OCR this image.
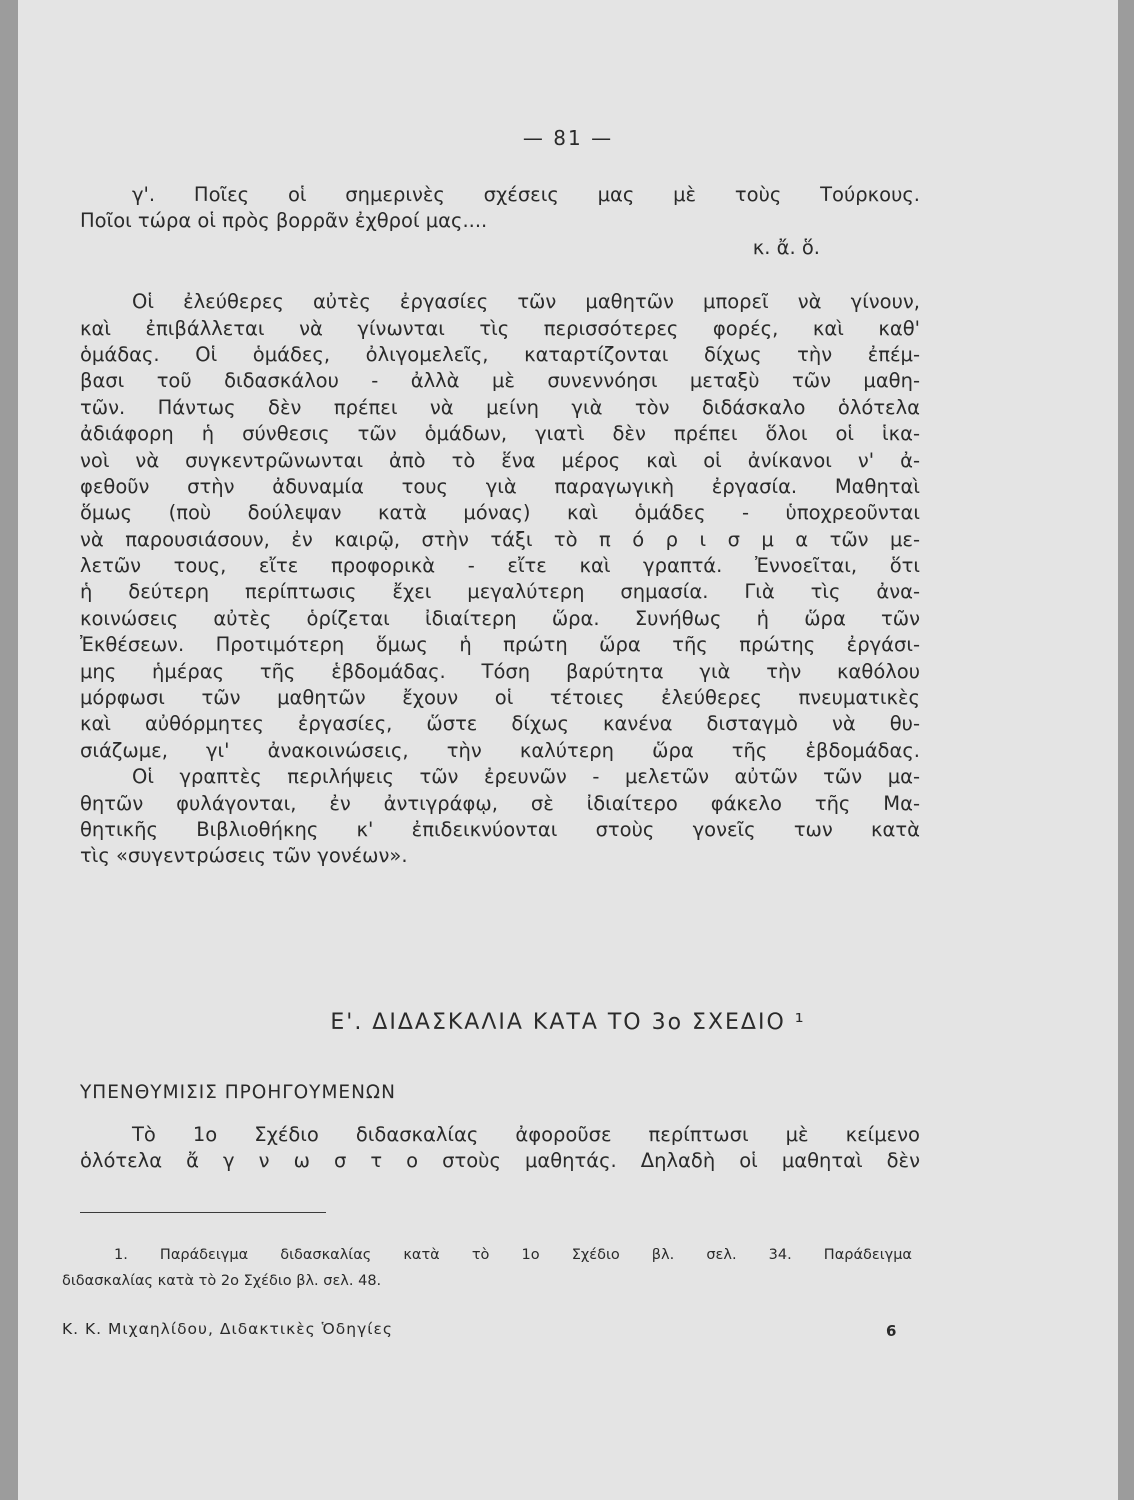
— 81 —
γ'. Ποῖες οἱ σημερινὲς σχέσεις μας μὲ τοὺς Τούρκους.
Ποῖοι τώρα οἱ πρὸς βορρᾶν ἐχθροί μας....
κ. ἄ. ὅ.
Οἱ ἐλεύθερες αὐτὲς ἐργασίες τῶν μαθητῶν μπορεῖ νὰ γίνουν,
καὶ ἐπιβάλλεται νὰ γίνωνται τὶς περισσότερες φορές, καὶ καθ'
ὁμάδας. Οἱ ὁμάδες, ὀλιγομελεῖς, καταρτίζονται δίχως τὴν ἐπέμ-
βασι τοῦ διδασκάλου - ἀλλὰ μὲ συνεννόησι μεταξὺ τῶν μαθη-
τῶν. Πάντως δὲν πρέπει νὰ μείνη γιὰ τὸν διδάσκαλο ὁλότελα
ἀδιάφορη ἡ σύνθεσις τῶν ὁμάδων, γιατὶ δὲν πρέπει ὅλοι οἱ ἱκα-
νοὶ νὰ συγκεντρῶνωνται ἀπὸ τὸ ἕνα μέρος καὶ οἱ ἀνίκανοι ν' ἀ-
φεθοῦν στὴν ἀδυναμία τους γιὰ παραγωγικὴ ἐργασία. Μαθηταὶ
ὅμως (ποὺ δούλεψαν κατὰ μόνας) καὶ ὁμάδες - ὑποχρεοῦνται
νὰ παρουσιάσουν, ἐν καιρῷ, στὴν τάξι τὸ π ό ρ ι σ μ α τῶν με-
λετῶν τους, εἴτε προφορικὰ - εἴτε καὶ γραπτά. Ἐννοεῖται, ὅτι
ἡ δεύτερη περίπτωσις ἔχει μεγαλύτερη σημασία. Γιὰ τὶς ἀνα-
κοινώσεις αὐτὲς ὁρίζεται ἰδιαίτερη ὥρα. Συνήθως ἡ ὥρα τῶν
Ἐκθέσεων. Προτιμότερη ὅμως ἡ πρώτη ὥρα τῆς πρώτης ἐργάσι-
μης ἡμέρας τῆς ἑβδομάδας. Τόση βαρύτητα γιὰ τὴν καθόλου
μόρφωσι τῶν μαθητῶν ἔχουν οἱ τέτοιες ἐλεύθερες πνευματικὲς
καὶ αὐθόρμητες ἐργασίες, ὥστε δίχως κανένα δισταγμὸ νὰ θυ-
σιάζωμε, γι' ἀνακοινώσεις, τὴν καλύτερη ὥρα τῆς ἑβδομάδας.
Οἱ γραπτὲς περιλήψεις τῶν ἐρευνῶν - μελετῶν αὐτῶν τῶν μα-
θητῶν φυλάγονται, ἐν ἀντιγράφῳ, σὲ ἰδιαίτερο φάκελο τῆς Μα-
θητικῆς Βιβλιοθήκης κ' ἐπιδεικνύονται στοὺς γονεῖς των κατὰ
τὶς «συγεντρώσεις τῶν γονέων».
Ε'. ΔΙΔΑΣΚΑΛΙΑ ΚΑΤΑ ΤΟ 3ο ΣΧΕΔΙΟ ¹
ΥΠΕΝΘΥΜΙΣΙΣ ΠΡΟΗΓΟΥΜΕΝΩΝ
Τὸ 1ο Σχέδιο διδασκαλίας ἀφοροῦσε περίπτωσι μὲ κείμενο
ὁλότελα ἄ γ ν ω σ τ ο στοὺς μαθητάς. Δηλαδὴ οἱ μαθηταὶ δὲν
1. Παράδειγμα διδασκαλίας κατὰ τὸ 1ο Σχέδιο βλ. σελ. 34. Παράδειγμα
διδασκαλίας κατὰ τὸ 2ο Σχέδιο βλ. σελ. 48.
Κ. Κ. Μιχαηλίδου, Διδακτικὲς Ὁδηγίες	6
